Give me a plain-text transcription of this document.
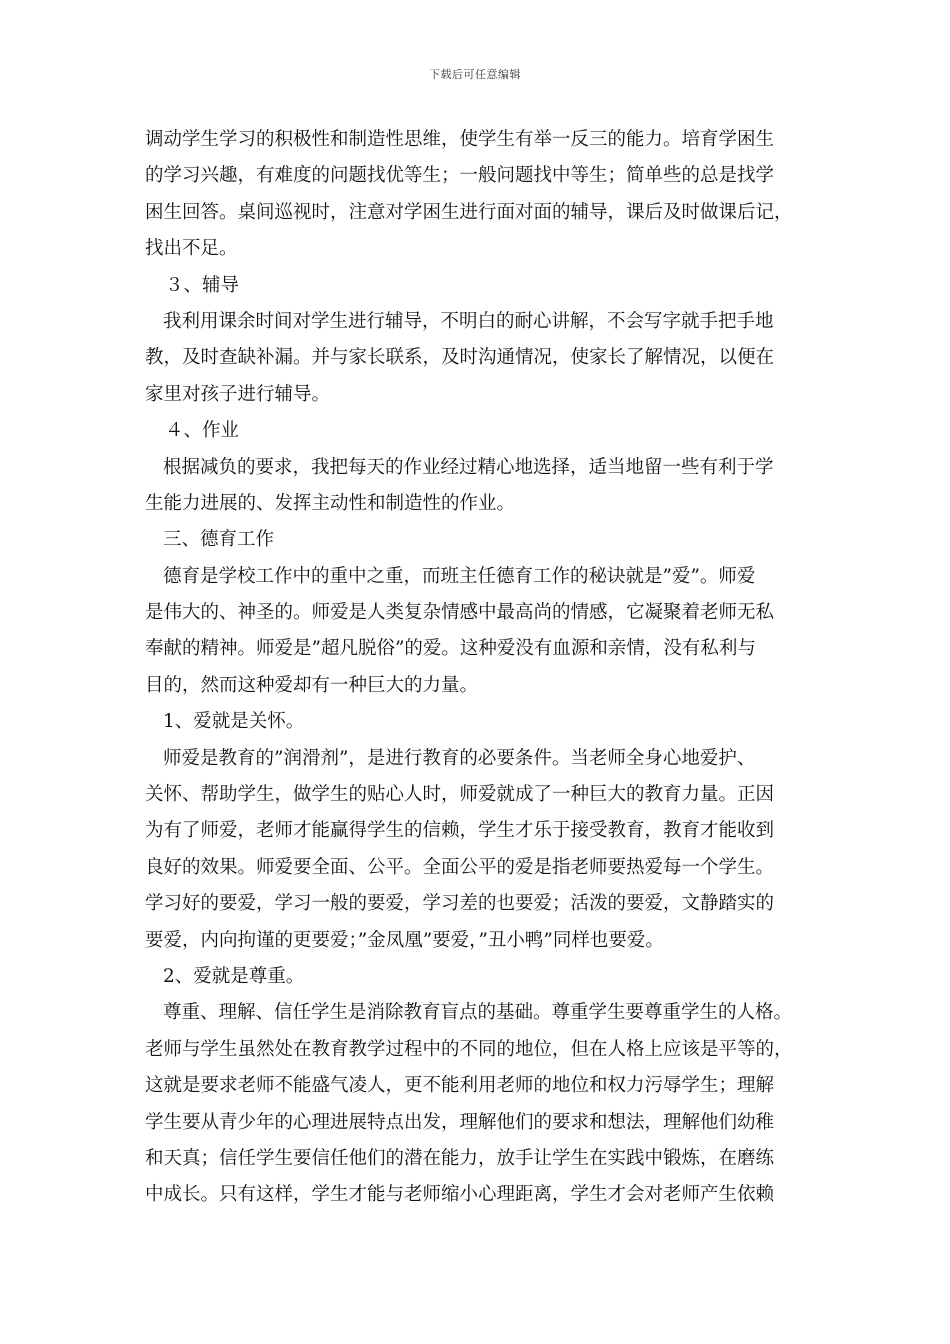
下载后可任意编辑
调动学生学习的积极性和制造性思维，使学生有举一反三的能力。培育学困生
的学习兴趣，有难度的问题找优等生；一般问题找中等生；简单些的总是找学
困生回答。桌间巡视时，注意对学困生进行面对面的辅导，课后及时做课后记，
找出不足。
３、辅导
我利用课余时间对学生进行辅导，不明白的耐心讲解，不会写字就手把手地
教，及时查缺补漏。并与家长联系，及时沟通情况，使家长了解情况，以便在
家里对孩子进行辅导。
４、作业
根据减负的要求，我把每天的作业经过精心地选择，适当地留一些有利于学
生能力进展的、发挥主动性和制造性的作业。
三、德育工作
德育是学校工作中的重中之重，而班主任德育工作的秘诀就是”爱”。师爱
是伟大的、神圣的。师爱是人类复杂情感中最高尚的情感，它凝聚着老师无私
奉献的精神。师爱是”超凡脱俗”的爱。这种爱没有血源和亲情，没有私利与
目的，然而这种爱却有一种巨大的力量。
1、爱就是关怀。
师爱是教育的”润滑剂”，是进行教育的必要条件。当老师全身心地爱护、
关怀、帮助学生，做学生的贴心人时，师爱就成了一种巨大的教育力量。正因
为有了师爱，老师才能赢得学生的信赖，学生才乐于接受教育，教育才能收到
良好的效果。师爱要全面、公平。全面公平的爱是指老师要热爱每一个学生。
学习好的要爱，学习一般的要爱，学习差的也要爱；活泼的要爱，文静踏实的
要爱，内向拘谨的更要爱；”金凤凰”要爱，”丑小鸭”同样也要爱。
2、爱就是尊重。
尊重、理解、信任学生是消除教育盲点的基础。尊重学生要尊重学生的人格。
老师与学生虽然处在教育教学过程中的不同的地位，但在人格上应该是平等的，
这就是要求老师不能盛气凌人，更不能利用老师的地位和权力污辱学生；理解
学生要从青少年的心理进展特点出发，理解他们的要求和想法，理解他们幼稚
和天真；信任学生要信任他们的潜在能力，放手让学生在实践中锻炼，在磨练
中成长。只有这样，学生才能与老师缩小心理距离，学生才会对老师产生依赖
